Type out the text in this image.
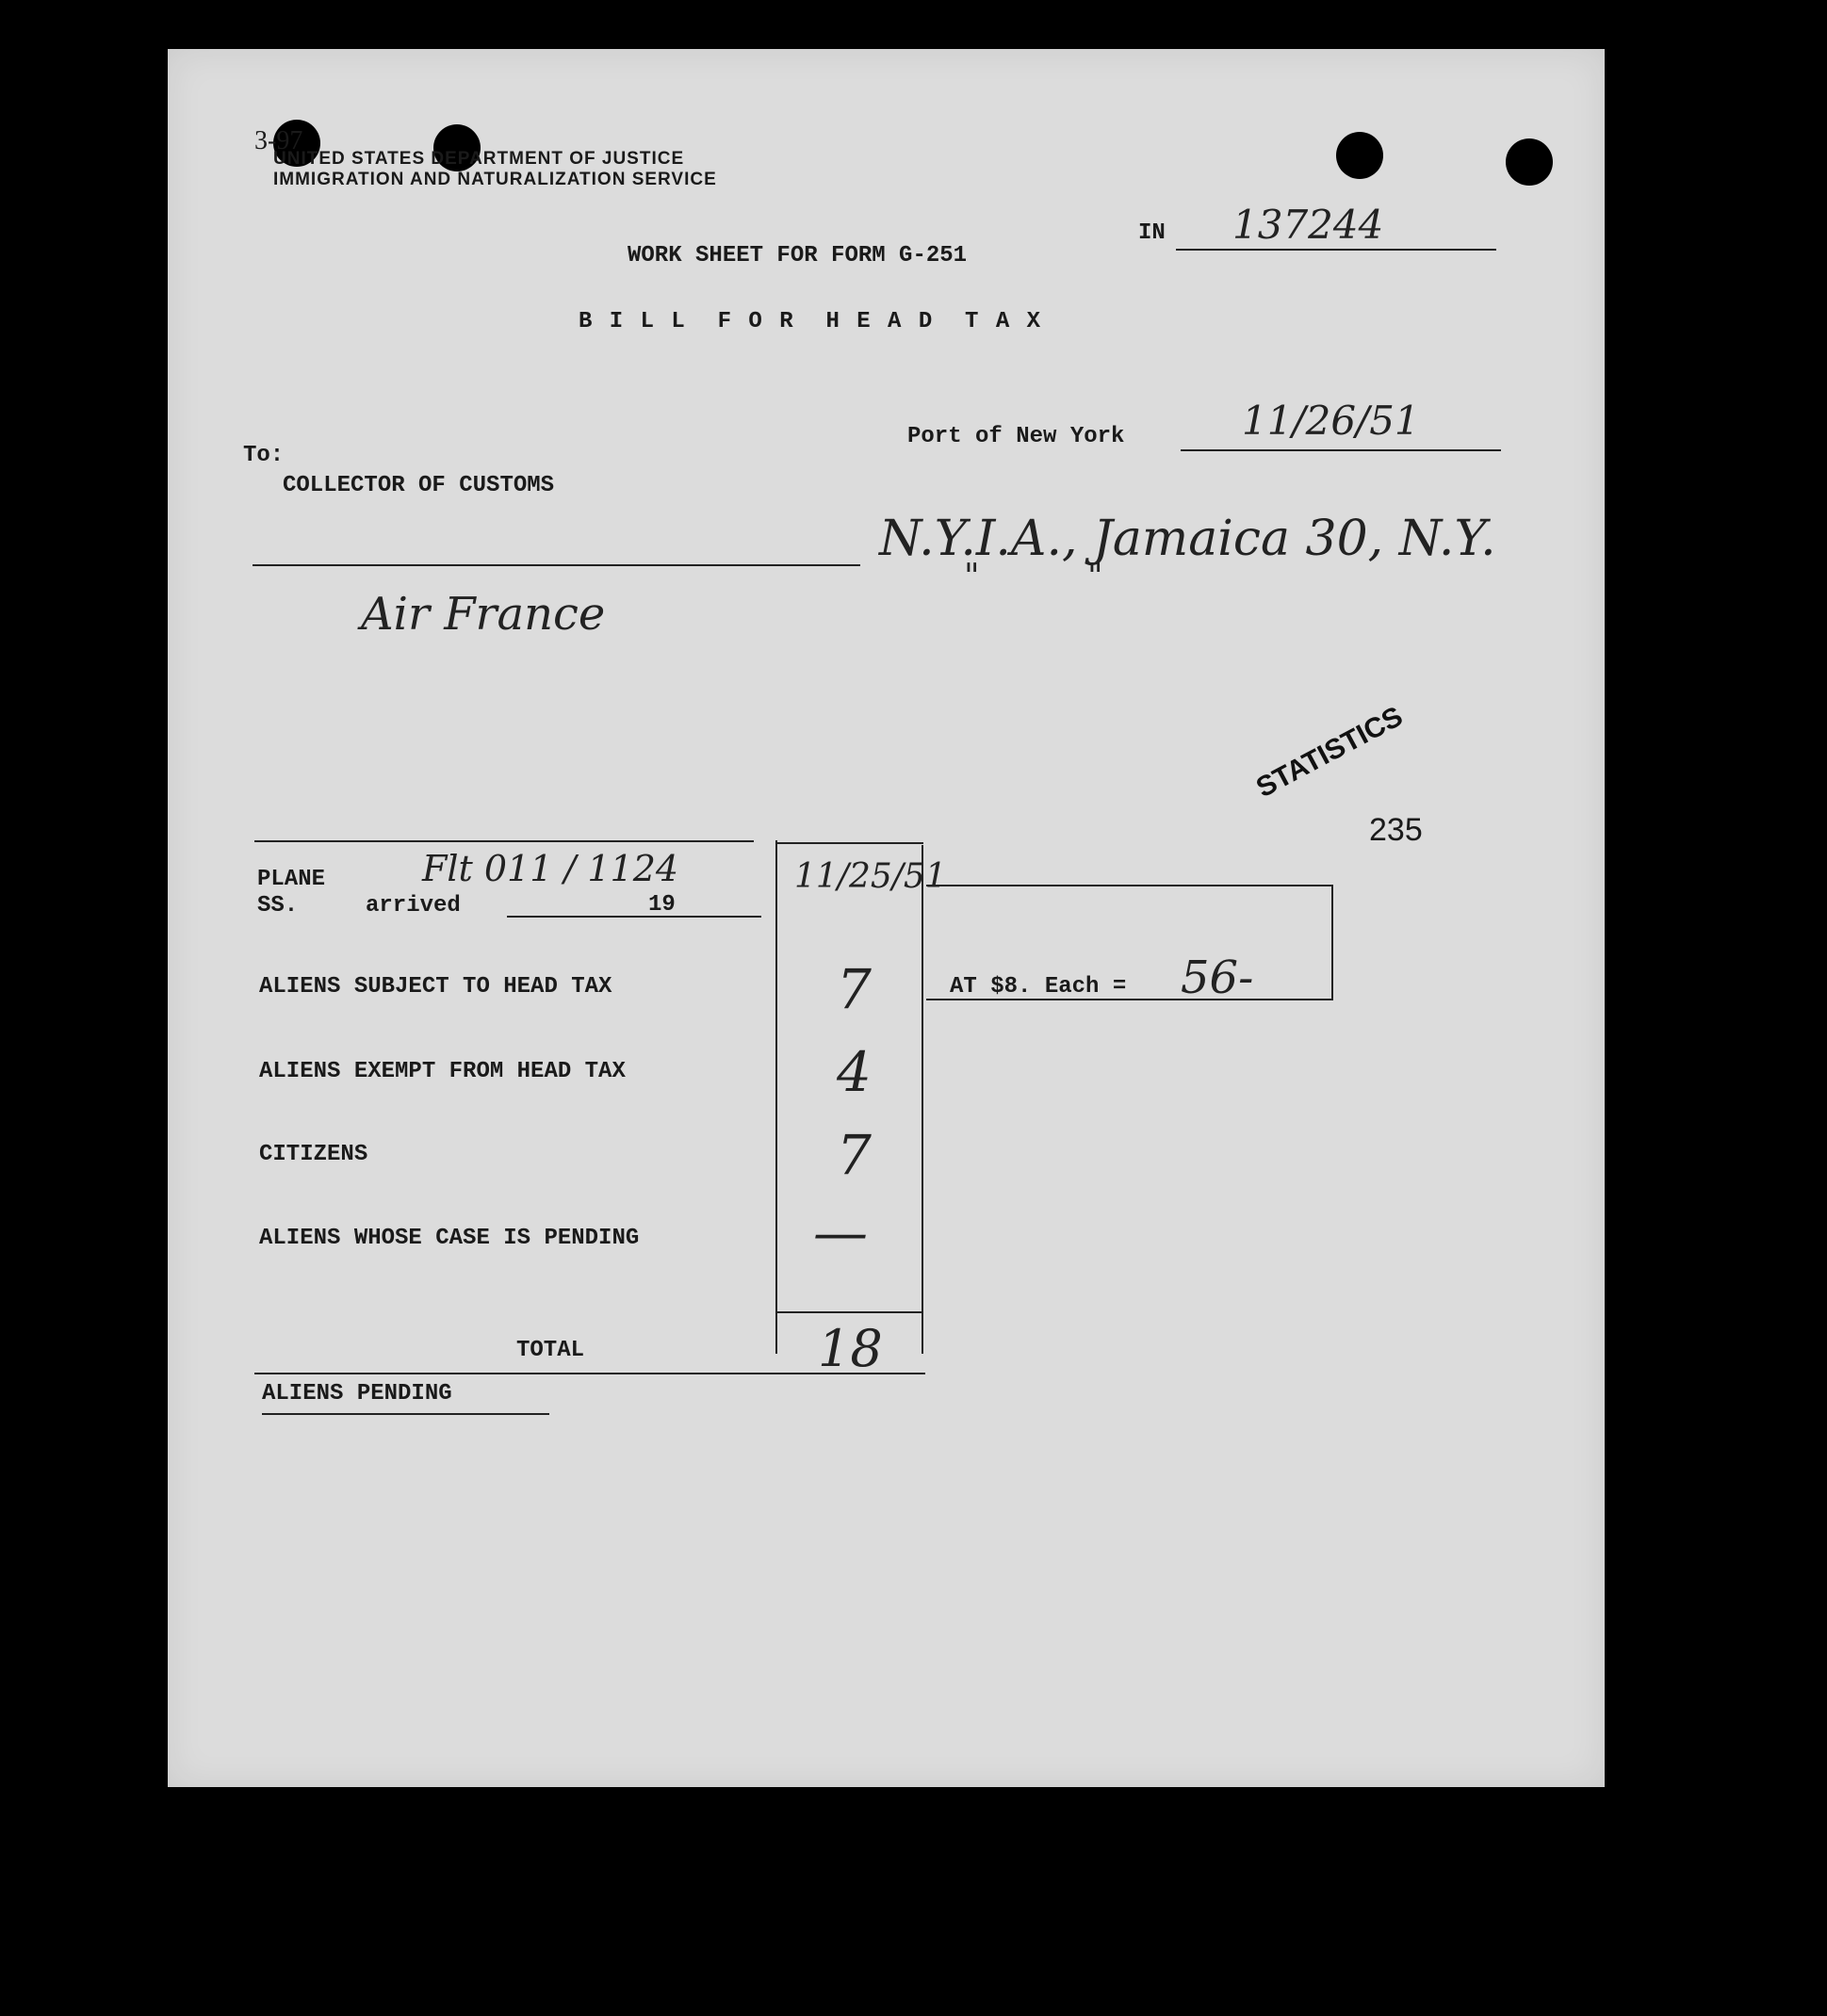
3-97
UNITED STATES DEPARTMENT OF JUSTICE
IMMIGRATION AND NATURALIZATION SERVICE
IN 137244
WORK SHEET FOR FORM G-251
B I L L  F O R  H E A D  T A X
Port of New York	11/26/51
To:
COLLECTOR OF CUSTOMS
N.Y.I.A., Jamaica 30, N.Y.
"          "
Air France
STATISTICS
235
PLANE
SS.	arrived	19
Flt 011 / 1124	11/25/51
ALIENS SUBJECT TO HEAD TAX	7	AT $8. Each = 56-
ALIENS EXEMPT FROM HEAD TAX	4
CITIZENS	7
ALIENS WHOSE CASE IS PENDING	—
TOTAL	18
ALIENS PENDING
